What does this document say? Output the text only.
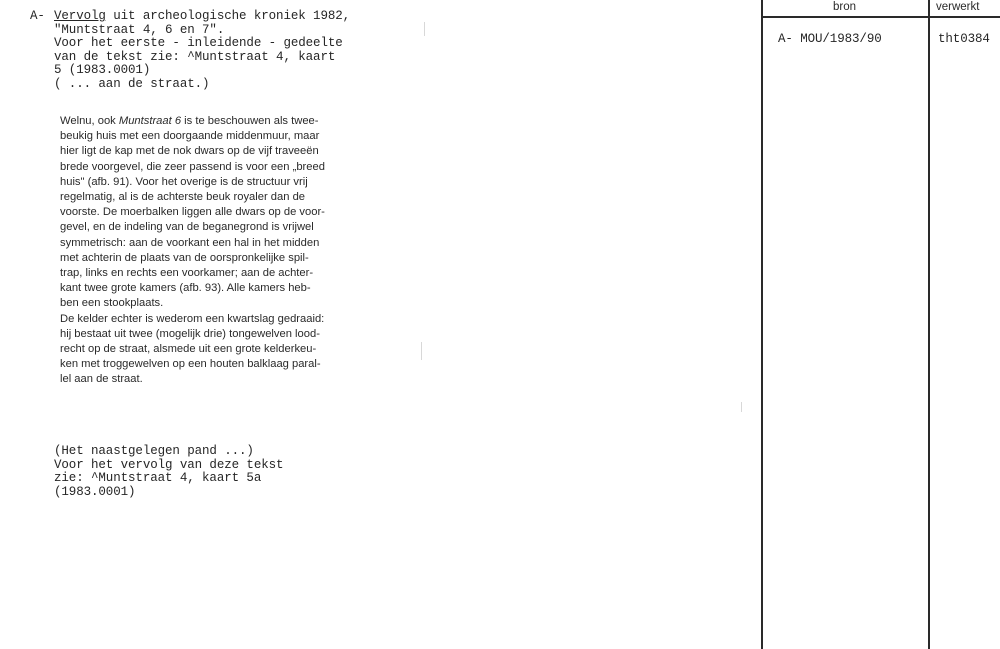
A- Vervolg uit archeologische kroniek 1982,
"Muntstraat 4, 6 en 7".
Voor het eerste - inleidende - gedeelte
van de tekst zie: ^Muntstraat 4, kaart
5 (1983.0001)
( ... aan de straat.)
Welnu, ook Muntstraat 6 is te beschouwen als twee-
beukig huis met een doorgaande middenmuur, maar
hier ligt de kap met de nok dwars op de vijf traveeën
brede voorgevel, die zeer passend is voor een „breed
huis" (afb. 91). Voor het overige is de structuur vrij
regelmatig, al is de achterste beuk royaler dan de
voorste. De moerbalken liggen alle dwars op de voor-
gevel, en de indeling van de beganegrond is vrijwel
symmetrisch: aan de voorkant een hal in het midden
met achterin de plaats van de oorspronkelijke spil-
trap, links en rechts een voorkamer; aan de achter-
kant twee grote kamers (afb. 93). Alle kamers heb-
ben een stookplaats.
De kelder echter is wederom een kwartslag gedraaid:
hij bestaat uit twee (mogelijk drie) tongewelven lood-
recht op de straat, alsmede uit een grote kelderkeu-
ken met troggewelven op een houten balklaag paral-
lel aan de straat.
(Het naastgelegen pand ...)
Voor het vervolg van deze tekst
zie: ^Muntstraat 4, kaart 5a
(1983.0001)
bron	verwerkt
A- MOU/1983/90	tht0384
